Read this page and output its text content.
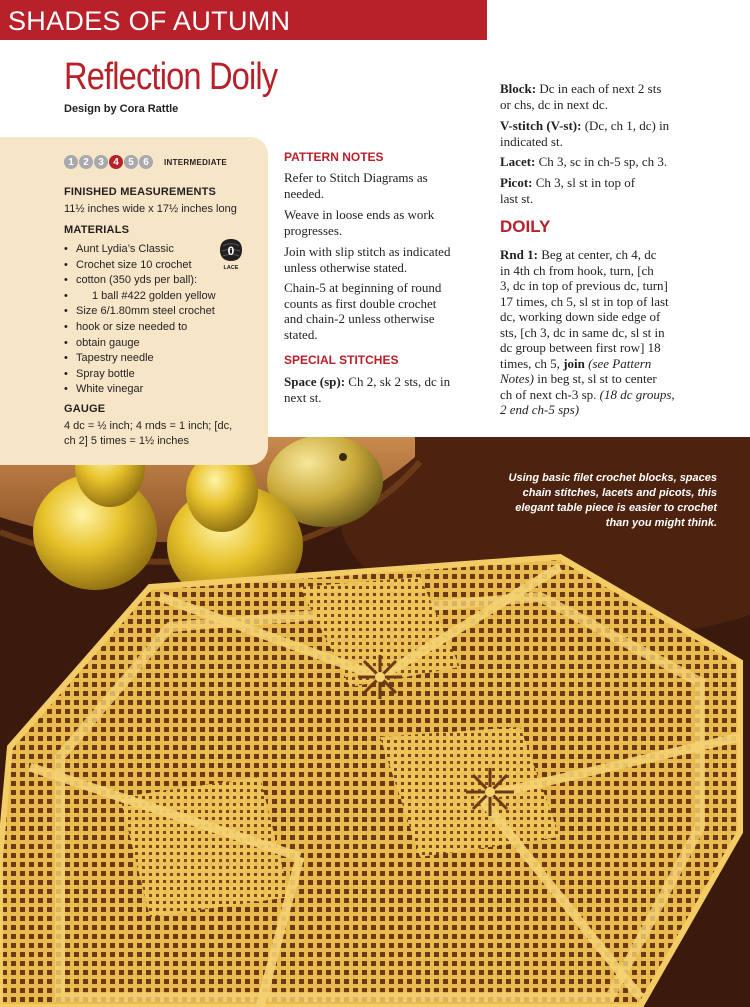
SHADES OF AUTUMN
Reflection Doily
Design by Cora Rattle
1 2 3 4 5 6	INTERMEDIATE
FINISHED MEASUREMENTS
11½ inches wide x 17½ inches long
MATERIALS
• Aunt Lydia’s Classic
• Crochet size 10 crochet
• cotton (350 yds per ball):
• 1 ball #422 golden yellow
• Size 6/1.80mm steel crochet
• hook or size needed to
• obtain gauge
• Tapestry needle
• Spray bottle
• White vinegar
0
LACE
GAUGE
4 dc = ½ inch; 4 rnds = 1 inch; [dc,
ch 2] 5 times = 1½ inches
PATTERN NOTES
Refer to Stitch Diagrams as
needed.
Weave in loose ends as work
progresses.
Join with slip stitch as indicated
unless otherwise stated.
Chain-5 at beginning of round
counts as first double crochet
and chain-2 unless otherwise
stated.
SPECIAL STITCHES
Space (sp): Ch 2, sk 2 sts, dc in
next st.
Block: Dc in each of next 2 sts
or chs, dc in next dc.
V-stitch (V-st): (Dc, ch 1, dc) in
indicated st.
Lacet: Ch 3, sc in ch-5 sp, ch 3.
Picot: Ch 3, sl st in top of
last st.
DOILY
Rnd 1: Beg at center, ch 4, dc
in 4th ch from hook, turn, [ch
3, dc in top of previous dc, turn]
17 times, ch 5, sl st in top of last
dc, working down side edge of
sts, [ch 3, dc in same dc, sl st in
dc group between first row] 18
times, ch 5, join (see Pattern
Notes) in beg st, sl st to center
ch of next ch-3 sp. (18 dc groups,
2 end ch-5 sps)
Using basic filet crochet blocks, spaces
chain stitches, lacets and picots, this
elegant table piece is easier to crochet
than you might think.
